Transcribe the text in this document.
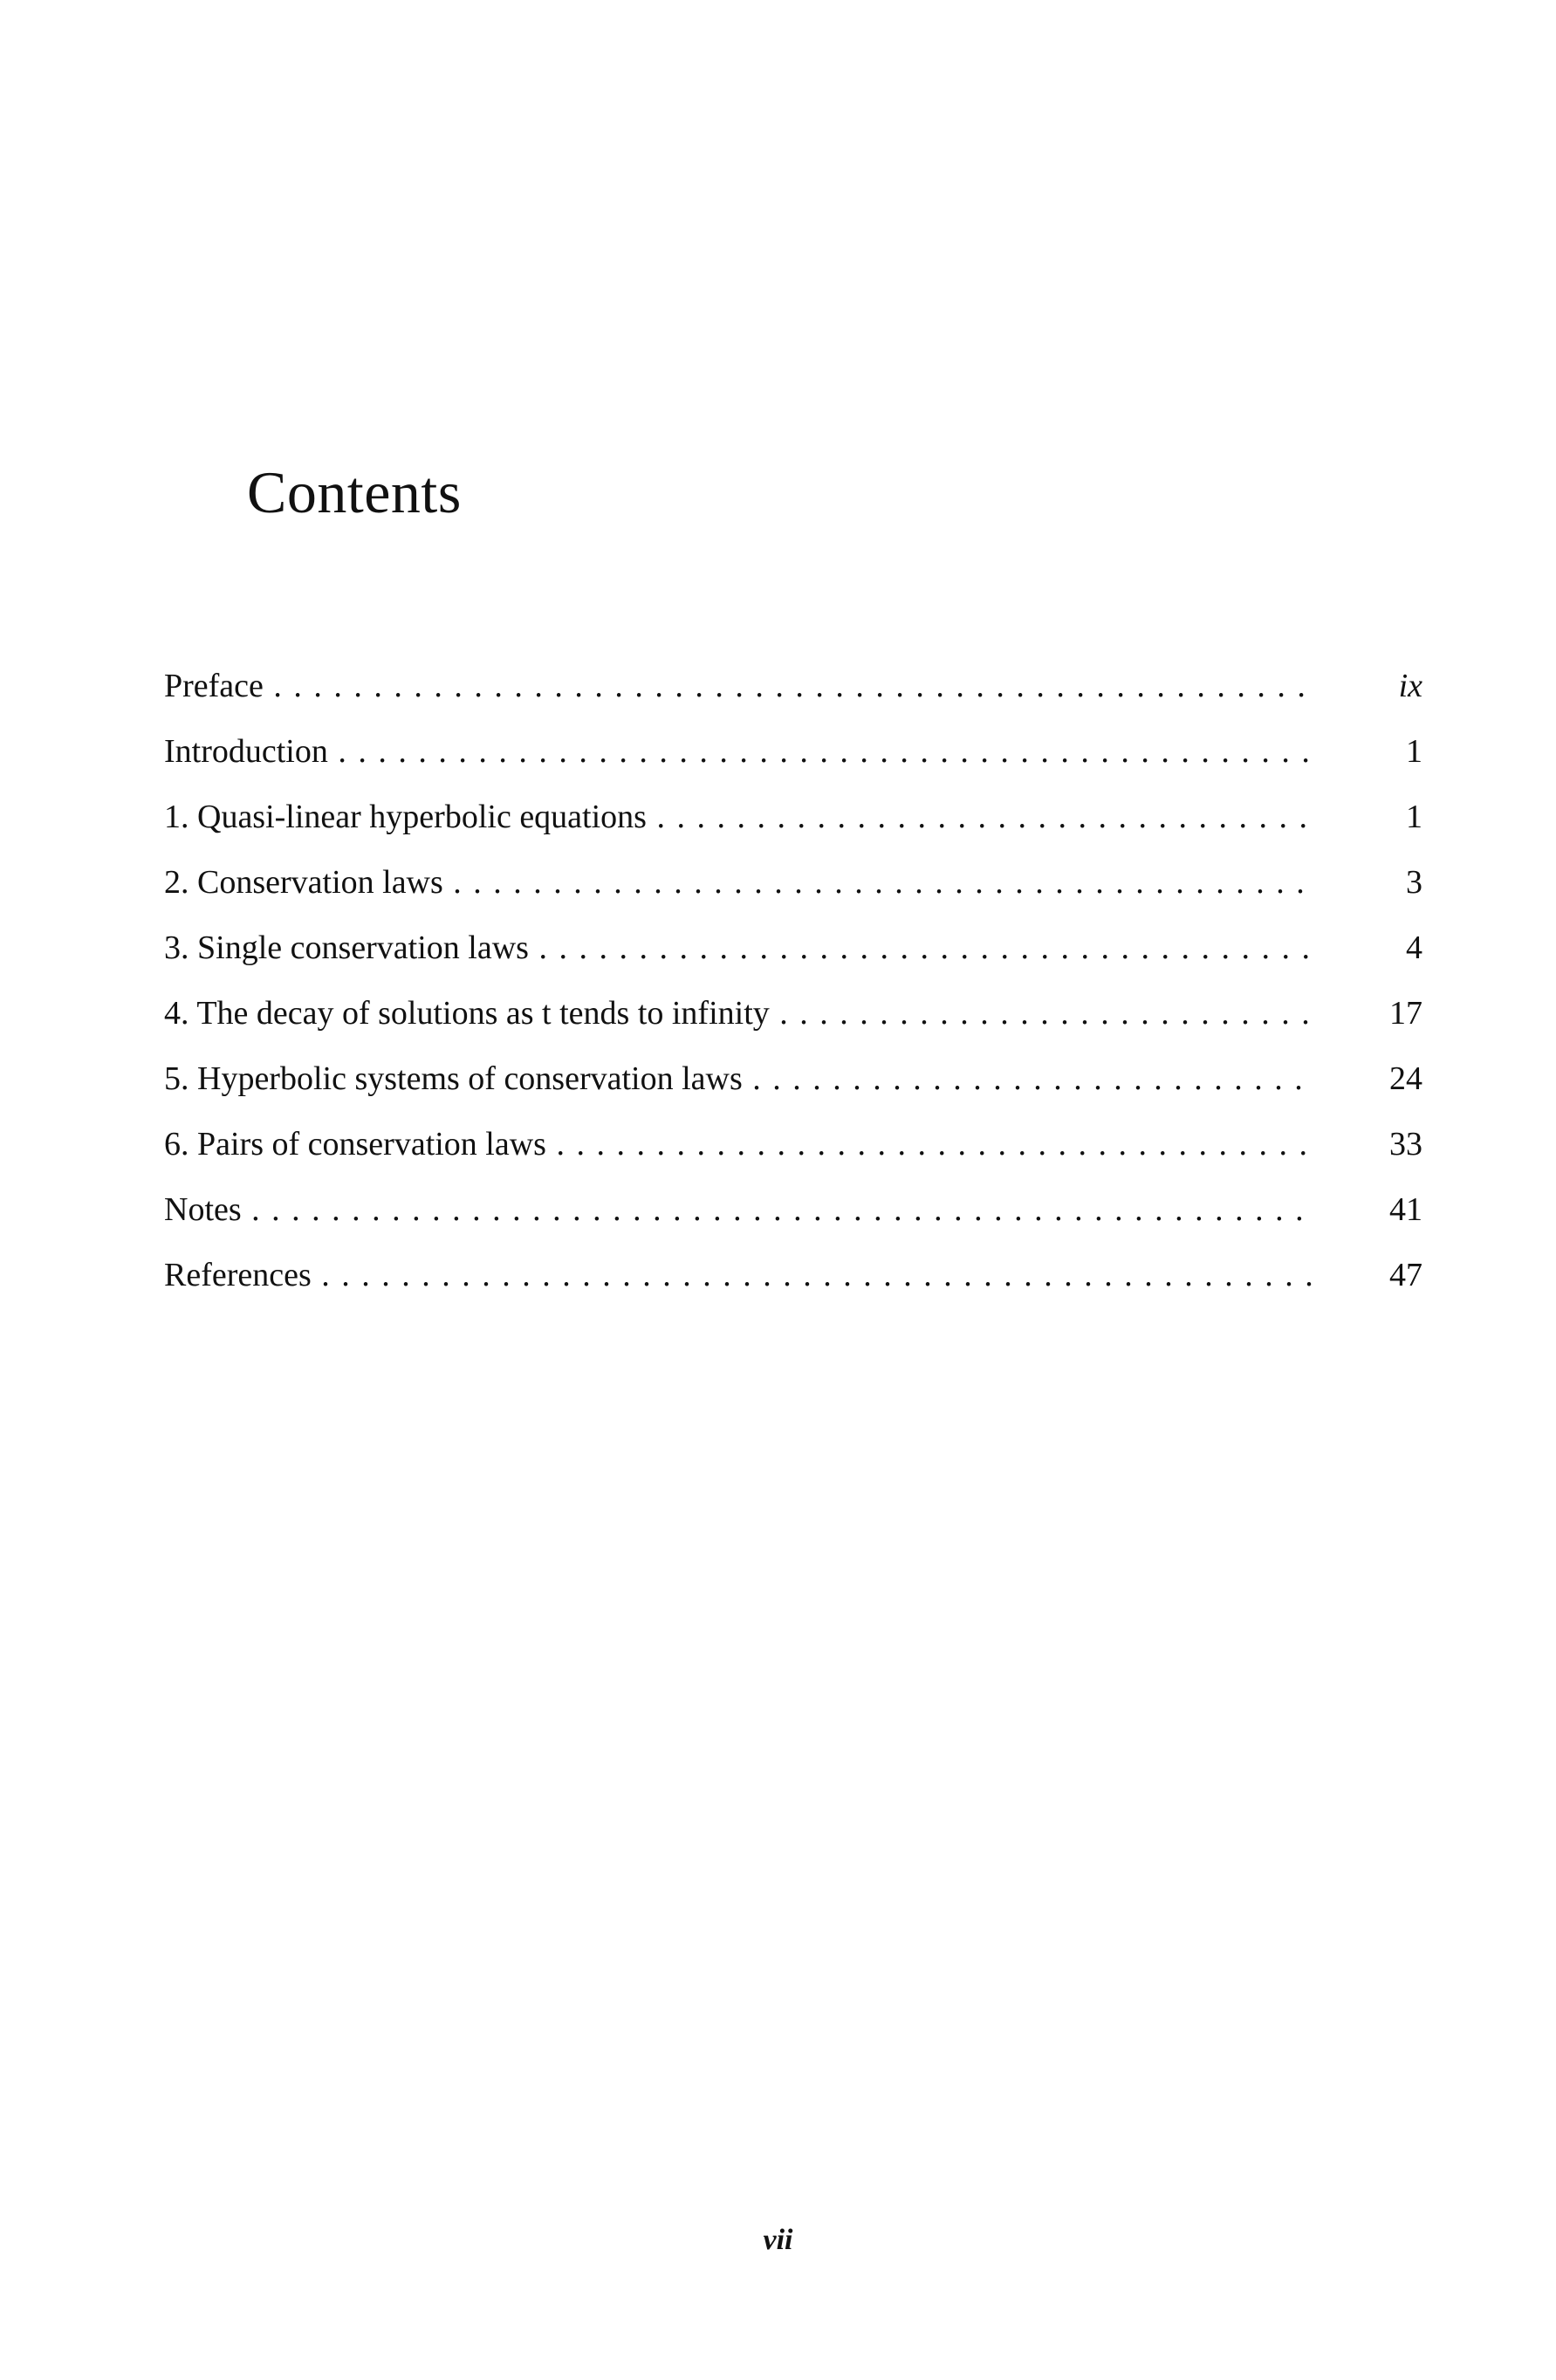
Contents
Preface . . .	ix
Introduction . . .	1
1. Quasi-linear hyperbolic equations . . .	1
2. Conservation laws . . .	3
3. Single conservation laws . . .	4
4. The decay of solutions as t tends to infinity . . .	17
5. Hyperbolic systems of conservation laws . . .	24
6. Pairs of conservation laws . . .	33
Notes . . .	41
References . . .	47
vii
